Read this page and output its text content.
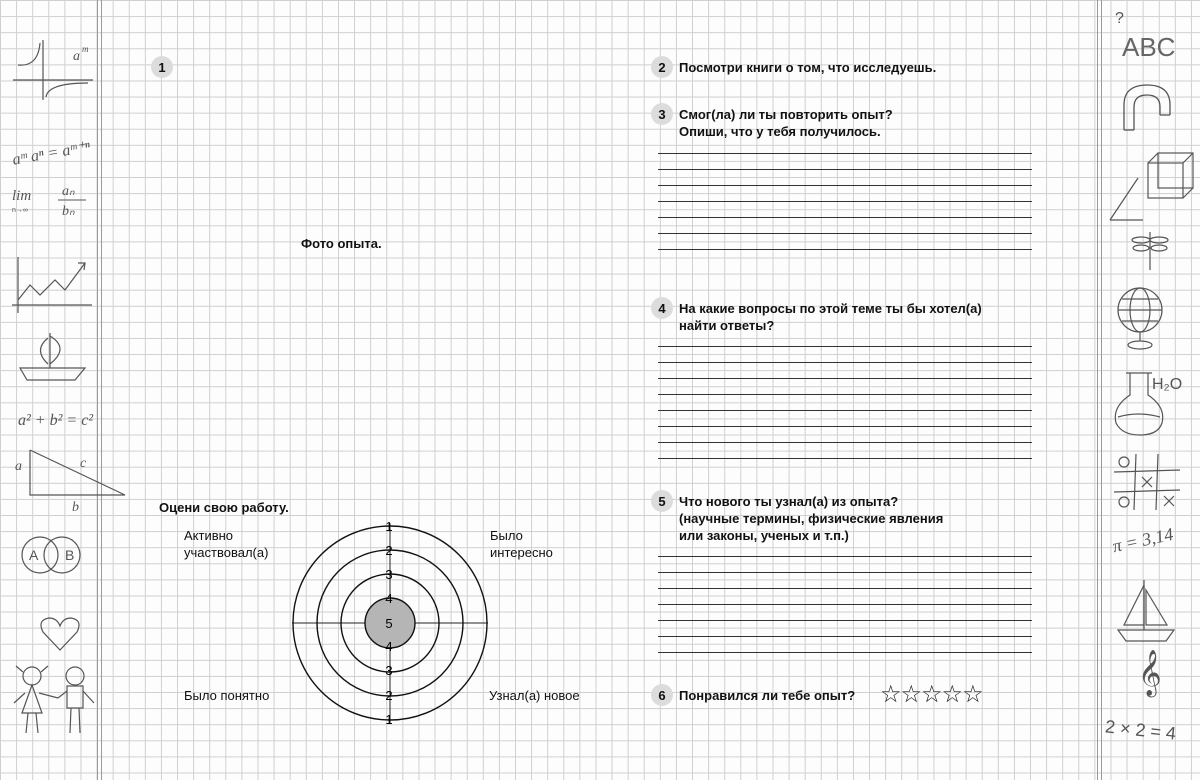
a m
aᵐ aⁿ = aᵐ⁺ⁿ
lim
n→∞
aₙ
bₙ
a² + b² = c²
a	c
b
A B
?
ABC
H₂O
π = 3,14
𝄞
2 × 2 = 4
1
Фото опыта.
Оцени свою работу.
Активно
участвовал(а)
Было
интересно
Было понятно	Узнал(а) новое
1
2
3
4
5
4
3
2
1
2	Посмотри книги о том, что исследуешь.
3	Смог(ла) ли ты повторить опыт?
Опиши, что у тебя получилось.
4	На какие вопросы по этой теме ты бы хотел(а)
найти ответы?
5	Что нового ты узнал(а) из опыта?
(научные термины, физические явления
или законы, ученых и т.п.)
6	Понравился ли тебе опыт? ☆☆☆☆☆
